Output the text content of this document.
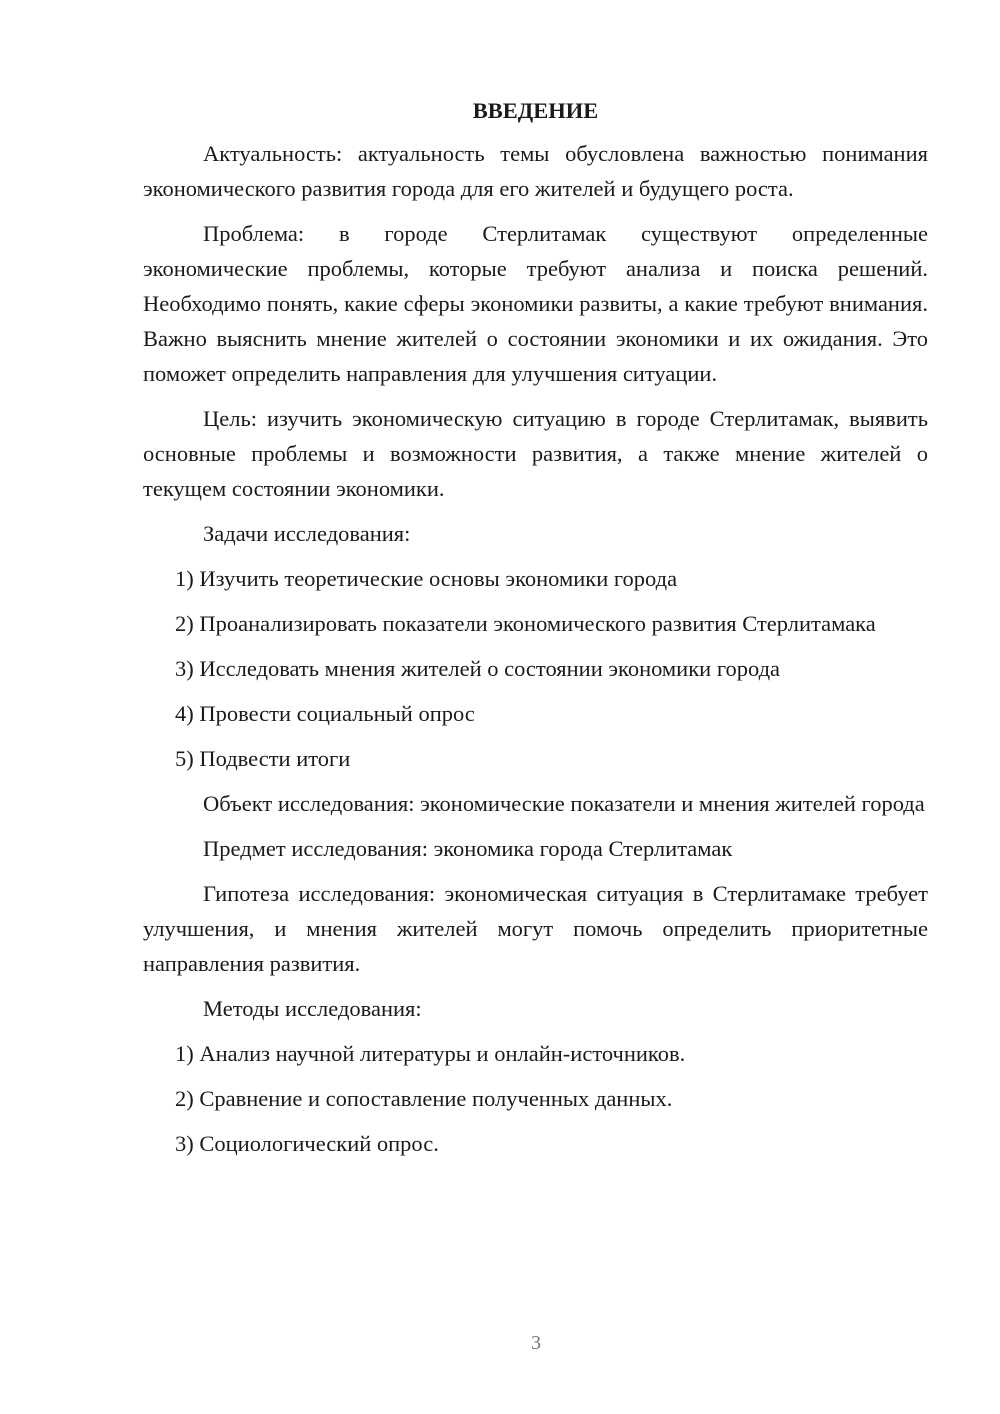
ВВЕДЕНИЕ

Актуальность: актуальность темы обусловлена важностью понимания экономического развития города для его жителей и будущего роста.

Проблема: в городе Стерлитамак существуют определенные экономические проблемы, которые требуют анализа и поиска решений. Необходимо понять, какие сферы экономики развиты, а какие требуют внимания. Важно выяснить мнение жителей о состоянии экономики и их ожидания. Это поможет определить направления для улучшения ситуации.

Цель: изучить экономическую ситуацию в городе Стерлитамак, выявить основные проблемы и возможности развития, а также мнение жителей о текущем состоянии экономики.

Задачи исследования:

1) Изучить теоретические основы экономики города

2) Проанализировать показатели экономического развития Стерлитамака

3) Исследовать мнения жителей о состоянии экономики города

4) Провести социальный опрос

5) Подвести итоги

Объект исследования: экономические показатели и мнения жителей города

Предмет исследования: экономика города Стерлитамак

Гипотеза исследования: экономическая ситуация в Стерлитамаке требует улучшения, и мнения жителей могут помочь определить приоритетные направления развития.

Методы исследования:

1) Анализ научной литературы и онлайн-источников.

2) Сравнение и сопоставление полученных данных.

3) Социологический опрос.

3
